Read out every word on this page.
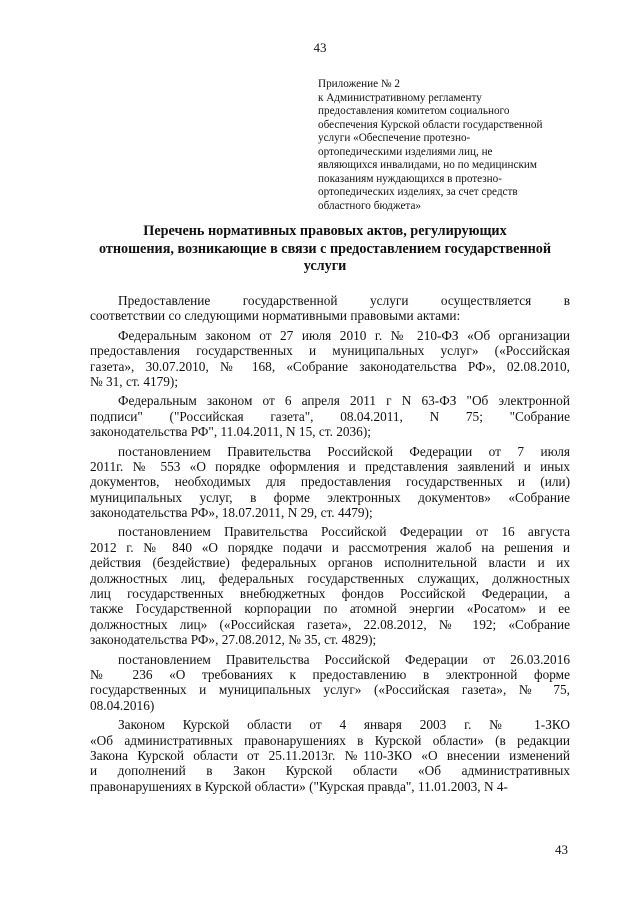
43
Приложение № 2
к Административному регламенту
предоставления комитетом социального
обеспечения Курской области государственной
услуги «Обеспечение протезно-
ортопедическими изделиями лиц, не
являющихся инвалидами, но по медицинским
показаниям нуждающихся в протезно-
ортопедических изделиях, за счет средств
областного бюджета»
Перечень нормативных правовых актов, регулирующих
отношения, возникающие в связи с предоставлением государственной
услуги
Предоставление государственной услуги осуществляется в
соответствии со следующими нормативными правовыми актами:
Федеральным законом от 27 июля 2010 г. № 210-ФЗ «Об организации
предоставления государственных и муниципальных услуг» («Российская
газета», 30.07.2010, № 168, «Собрание законодательства РФ», 02.08.2010,
№ 31, ст. 4179);
Федеральным законом от 6 апреля 2011 г N 63-ФЗ "Об электронной
подписи" ("Российская газета", 08.04.2011, N 75; "Собрание
законодательства РФ", 11.04.2011, N 15, ст. 2036);
постановлением Правительства Российской Федерации от 7 июля
2011г. № 553 «О порядке оформления и представления заявлений и иных
документов, необходимых для предоставления государственных и (или)
муниципальных услуг, в форме электронных документов» «Собрание
законодательства РФ», 18.07.2011, N 29, ст. 4479);
постановлением Правительства Российской Федерации от 16 августа
2012 г. № 840 «О порядке подачи и рассмотрения жалоб на решения и
действия (бездействие) федеральных органов исполнительной власти и их
должностных лиц, федеральных государственных служащих, должностных
лиц государственных внебюджетных фондов Российской Федерации, а
также Государственной корпорации по атомной энергии «Росатом» и ее
должностных лиц» («Российская газета», 22.08.2012, № 192; «Собрание
законодательства РФ», 27.08.2012, № 35, ст. 4829);
постановлением Правительства Российской Федерации от 26.03.2016
№ 236 «О требованиях к предоставлению в электронной форме
государственных и муниципальных услуг» («Российская газета», № 75,
08.04.2016)
Законом Курской области от 4 января 2003 г. № 1-ЗКО
«Об административных правонарушениях в Курской области» (в редакции
Закона Курской области от 25.11.2013г. №110-ЗКО «О внесении изменений
и дополнений в Закон Курской области «Об административных
правонарушениях в Курской области» ("Курская правда", 11.01.2003, N 4-
43
